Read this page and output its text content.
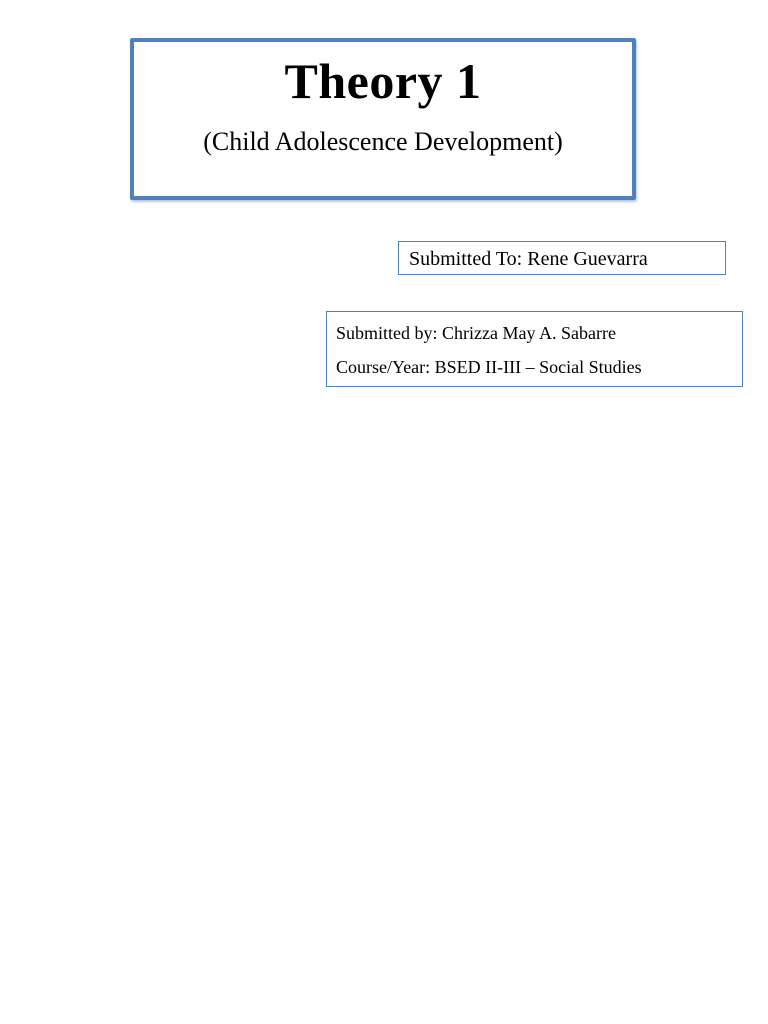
Theory 1
(Child Adolescence Development)
Submitted To: Rene Guevarra
Submitted by: Chrizza May A. Sabarre
Course/Year: BSED II-III – Social Studies
